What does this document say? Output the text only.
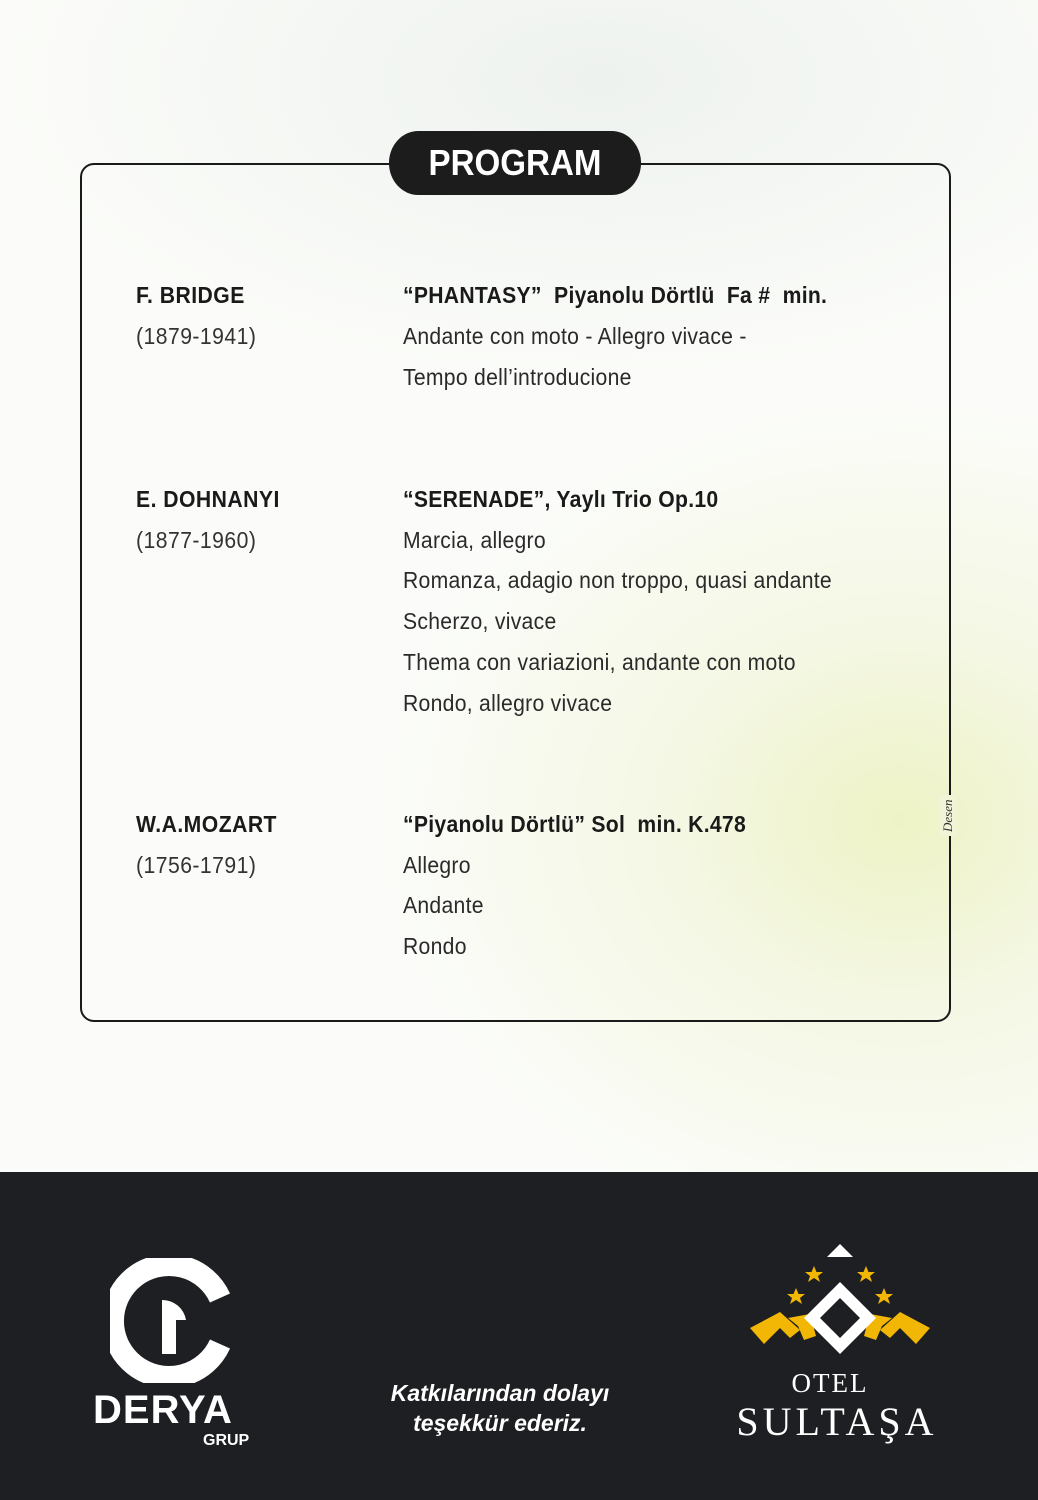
PROGRAM
F. BRIDGE
(1879-1941)
“PHANTASY”  Piyanolu Dörtlü  Fa #  min.
Andante con moto - Allegro vivace -
Tempo dell’introducione
E. DOHNANYI
(1877-1960)
“SERENADE”, Yaylı Trio Op.10
Marcia, allegro
Romanza, adagio non troppo, quasi andante
Scherzo, vivace
Thema con variazioni, andante con moto
Rondo, allegro vivace
W.A.MOZART
(1756-1791)
“Piyanolu Dörtlü” Sol  min. K.478
Allegro
Andante
Rondo
Desen
DERYA
GRUP
Katkılarından dolayı
teşekkür ederiz.
OTEL
SULTAŞA
